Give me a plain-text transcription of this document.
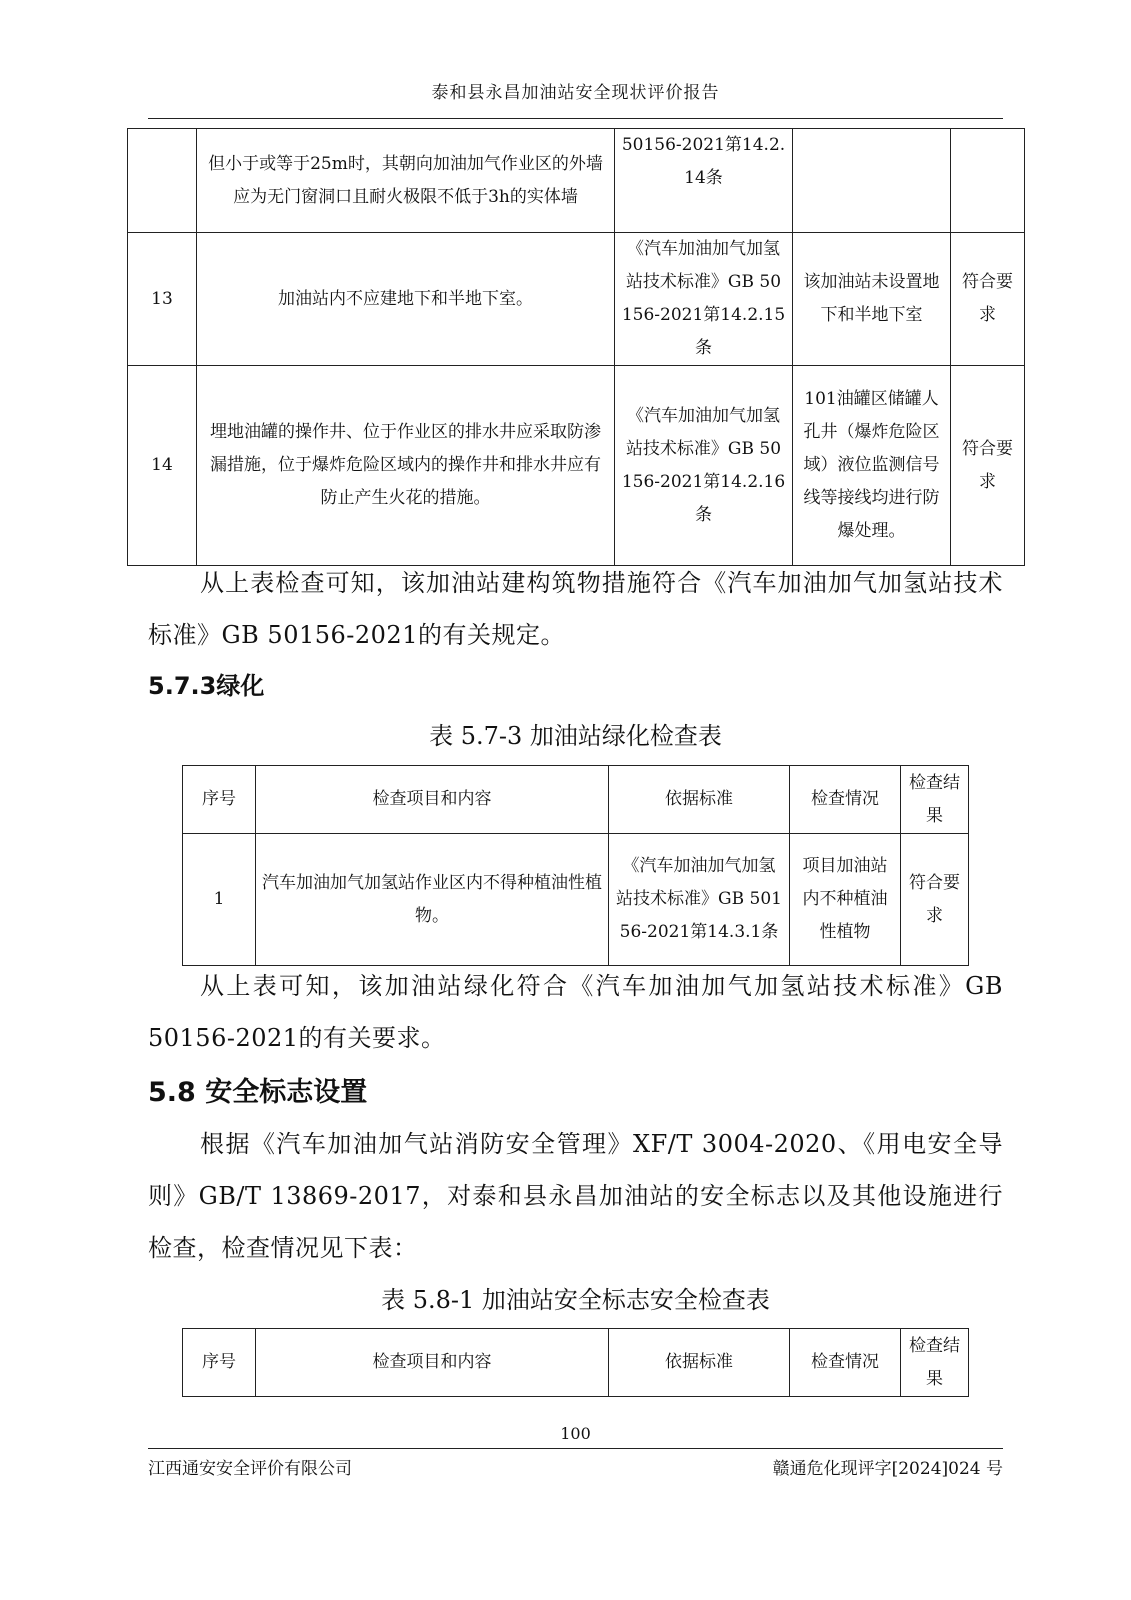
泰和县永昌加油站安全现状评价报告
	但小于或等于25m时，其朝向加油加气作业区的外墙应为无门窗洞口且耐火极限不低于3h的实体墙	50156-2021第14.2.14条		
13	加油站内不应建地下和半地下室。	《汽车加油加气加氢站技术标准》GB 50156-2021第14.2.15条	该加油站未设置地下和半地下室	符合要求
14	埋地油罐的操作井、位于作业区的排水井应采取防渗漏措施，位于爆炸危险区域内的操作井和排水井应有防止产生火花的措施。	《汽车加油加气加氢站技术标准》GB 50156-2021第14.2.16条	101油罐区储罐人孔井（爆炸危险区域）液位监测信号线等接线均进行防爆处理。	符合要求
从上表检查可知，该加油站建构筑物措施符合《汽车加油加气加氢站技术标准》GB 50156-2021的有关规定。
5.7.3绿化
表 5.7-3 加油站绿化检查表
序号	检查项目和内容	依据标准	检查情况	检查结果
1	汽车加油加气加氢站作业区内不得种植油性植物。	《汽车加油加气加氢站技术标准》GB 50156-2021第14.3.1条	项目加油站内不种植油性植物	符合要求
从上表可知，该加油站绿化符合《汽车加油加气加氢站技术标准》GB 50156-2021的有关要求。
5.8 安全标志设置
根据《汽车加油加气站消防安全管理》XF/T 3004-2020、《用电安全导则》GB/T 13869-2017，对泰和县永昌加油站的安全标志以及其他设施进行检查，检查情况见下表：
表 5.8-1 加油站安全标志安全检查表
序号	检查项目和内容	依据标准	检查情况	检查结果
100
江西通安安全评价有限公司	赣通危化现评字[2024]024 号
